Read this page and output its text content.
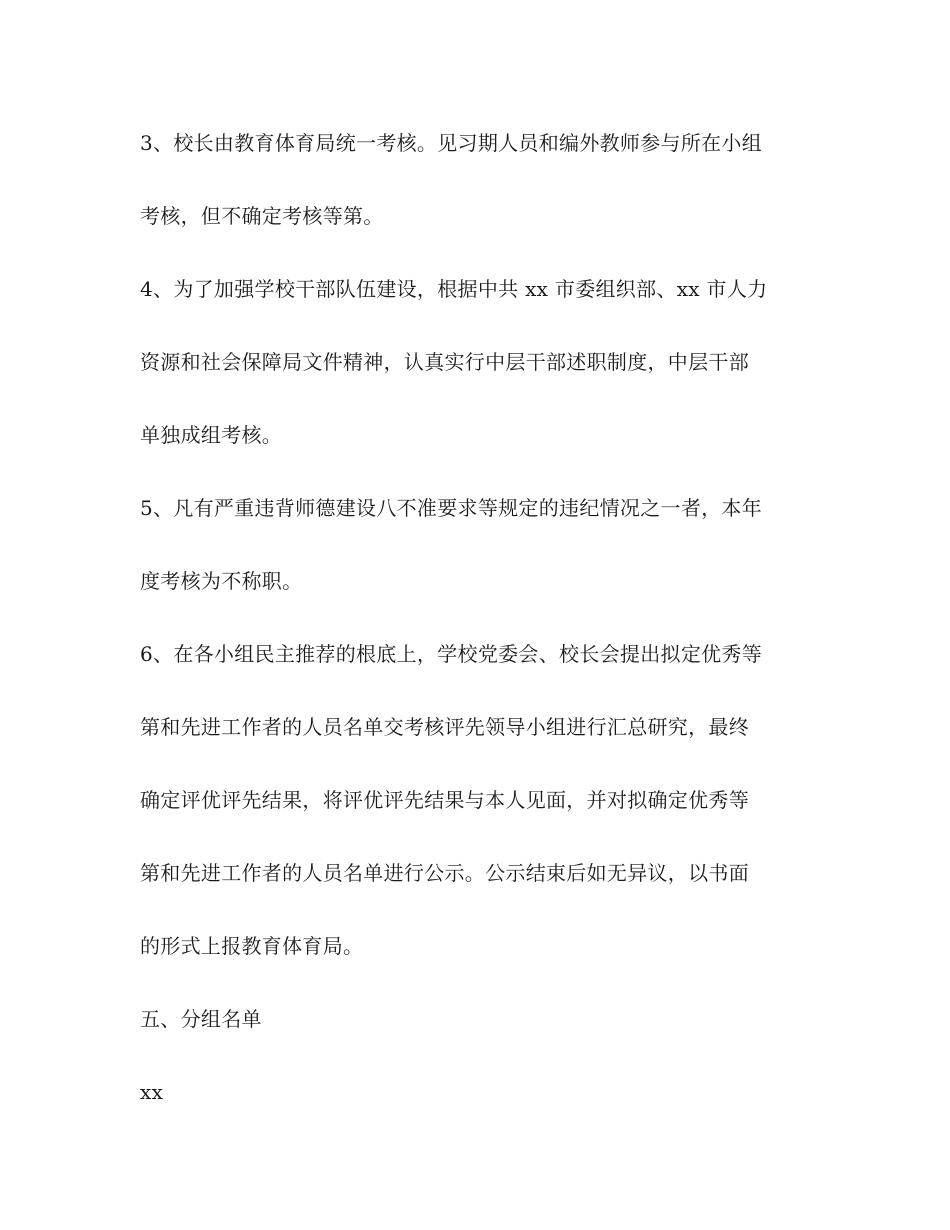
3、校长由教育体育局统一考核。见习期人员和编外教师参与所在小组
考核，但不确定考核等第。
4、为了加强学校干部队伍建设，根据中共 xx 市委组织部、xx 市人力
资源和社会保障局文件精神，认真实行中层干部述职制度，中层干部
单独成组考核。
5、凡有严重违背师德建设八不准要求等规定的违纪情况之一者，本年
度考核为不称职。
6、在各小组民主推荐的根底上，学校党委会、校长会提出拟定优秀等
第和先进工作者的人员名单交考核评先领导小组进行汇总研究，最终
确定评优评先结果，将评优评先结果与本人见面，并对拟确定优秀等
第和先进工作者的人员名单进行公示。公示结束后如无异议，以书面
的形式上报教育体育局。
五、分组名单
xx
